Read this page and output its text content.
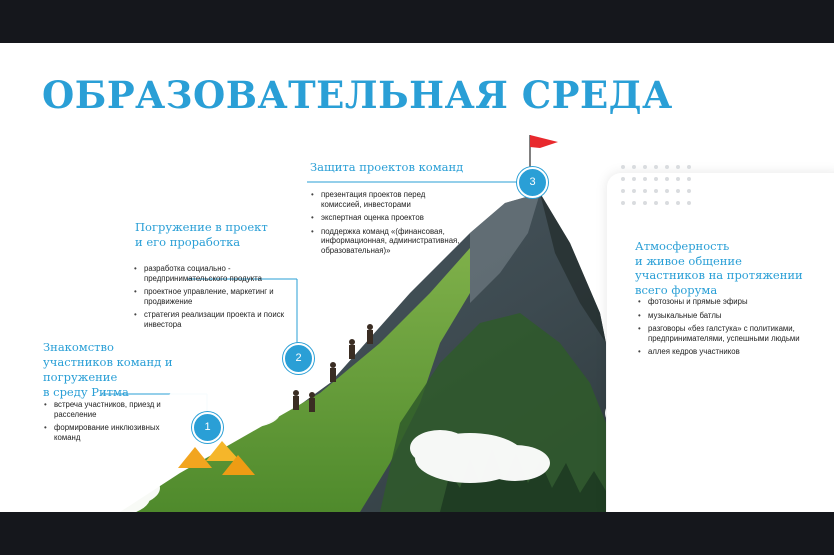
ОБРАЗОВАТЕЛЬНАЯ СРЕДА
Атмосферность
и живое общение
участников на протяжении
всего форума
• фотозоны и прямые эфиры
• музыкальные батлы
• разговоры «без галстука» с политиками, предпринимателями, успешными людьми
• аллея кедров участников
Защита проектов команд
• презентация проектов перед комиссией, инвесторами
• экспертная оценка проектов
• поддержка команд «(финансовая, информационная, административная, образовательная)»
3
Погружение в проект
и его проработка
• разработка социально - предпринимательского продукта
• проектное управление, маркетинг и продвижение
• стратегия реализации проекта и поиск инвестора
2
Знакомство
участников команд и
погружение
в среду Ритма
• встреча участников, приезд и расселение
• формирование инклюзивных команд
1
